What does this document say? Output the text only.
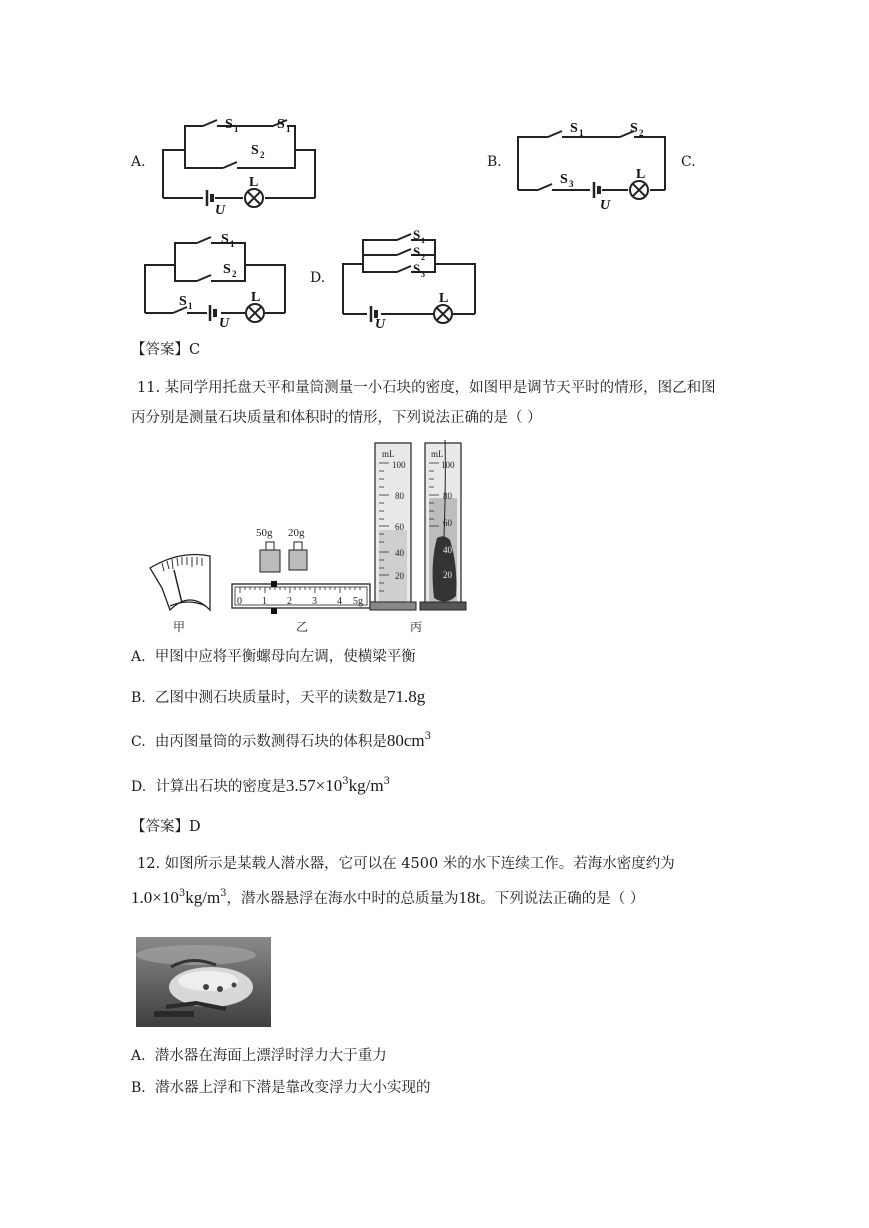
A.
S 1	S 1
S 2
L
U
B.
S 1	S 2
S 3
L
U
C.
S 1
S 2
S 1
L
U
D.
S 1
S 2
S 3
L
U
【答案】C
11. 某同学用托盘天平和量筒测量一小石块的密度，如图甲是调节天平时的情形，图乙和图
丙分别是测量石块质量和体积时的情形，下列说法正确的是（ ）
甲
50g 20g
0 1 2 3 4 5g
乙
mL
100
80
60
40
20
mL
100
80
60
40
20
丙
A. 甲图中应将平衡螺母向左调，使横梁平衡
B. 乙图中测石块质量时，天平的读数是71.8g
C. 由丙图量筒的示数测得石块的体积是$80cm^3$
D. 计算出石块的密度是$3.57\times 10^3kg/m^3$
【答案】D
12. 如图所示是某载人潜水器，它可以在 4500 米的水下连续工作。若海水密度约为
$1.0\times 10^3kg/m^3$，潜水器悬浮在海水中时的总质量为18t。下列说法正确的是（ ）
A. 潜水器在海面上漂浮时浮力大于重力
B. 潜水器上浮和下潜是靠改变浮力大小实现的
